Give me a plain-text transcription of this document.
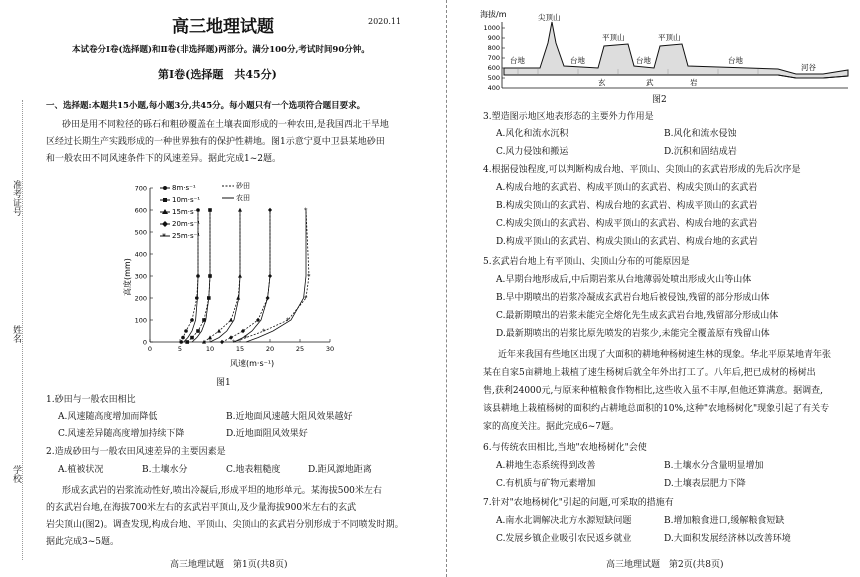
准考证号
姓名
学校
高三地理试题	2020.11
本试卷分Ⅰ卷(选择题)和Ⅱ卷(非选择题)两部分。满分100分,考试时间90分钟。
第Ⅰ卷(选择题　共45分)
一、选择题:本题共15小题,每小题3分,共45分。每小题只有一个选项符合题目要求。
砂田是用不同粒径的砾石和粗砂覆盖在土壤表面形成的一种农田,是我国西北干旱地
区经过长期生产实践形成的一种世界独有的保护性耕地。图1示意宁夏中卫县某地砂田
和一般农田不同风速条件下的风速差异。据此完成1~2题。
0
100
200
300
400
500
600
700
0	5	10	15	20	25	30
*
*
*
*
*
*
*
高度(mm)
风速(m·s⁻¹)
8m·s⁻¹
10m·s⁻¹
15m·s⁻¹
20m·s⁻¹
* 25m·s⁻¹
砂田
农田
图1
1.砂田与一般农田相比
A.风速随高度增加而降低	B.近地面风速越大阻风效果越好
C.风速差异随高度增加持续下降	D.近地面阻风效果好
2.造成砂田与一般农田风速差异的主要因素是
A.植被状况	B.土壤水分	C.地表粗糙度	D.距风源地距离
形成玄武岩的岩浆流动性好,喷出冷凝后,形成平坦的地形单元。某海拔500米左右
的玄武岩台地,在海拔700米左右的玄武岩平顶山,及少量海拔900米左右的玄武
岩尖顶山(图2)。调查发现,构成台地、平顶山、尖顶山的玄武岩分别形成于不同喷发时期。
据此完成3~5题。
高三地理试题　第1页(共8页)
海拔/m
1000
900
800
700
600
500
400
尖顶山
平顶山	平顶山
台地	台地	台地	台地
河谷
玄	武	岩
图2
3.塑造图示地区地表形态的主要外力作用是
A.风化和流水沉积	B.风化和流水侵蚀
C.风力侵蚀和搬运	D.沉积和固结成岩
4.根据侵蚀程度,可以判断构成台地、平顶山、尖顶山的玄武岩形成的先后次序是
A.构成台地的玄武岩、构成平顶山的玄武岩、构成尖顶山的玄武岩
B.构成尖顶山的玄武岩、构成台地的玄武岩、构成平顶山的玄武岩
C.构成尖顶山的玄武岩、构成平顶山的玄武岩、构成台地的玄武岩
D.构成平顶山的玄武岩、构成尖顶山的玄武岩、构成台地的玄武岩
5.玄武岩台地上有平顶山、尖顶山分布的可能原因是
A.早期台地形成后,中后期岩浆从台地薄弱处喷出形成火山等山体
B.早中期喷出的岩浆冷凝成玄武岩台地后被侵蚀,残留的部分形成山体
C.最新期喷出的岩浆未能完全熔化先生成玄武岩台地,残留部分形成山体
D.最新期喷出的岩浆比原先喷发的岩浆少,未能完全覆盖原有残留山体
近年来我国有些地区出现了大面积的耕地种杨树速生林的现象。华北平原某地青年张
某在自家5亩耕地上栽植了速生杨树后就全年外出打工了。八年后,把已成材的杨树出
售,获利24000元,与原来种植粮食作物相比,这些收入虽不丰厚,但他还算满意。据调查,
该县耕地上栽植杨树的面积约占耕地总面积的10%,这种"农地杨树化"现象引起了有关专
家的高度关注。据此完成6~7题。
6.与传统农田相比,当地"农地杨树化"会使
A.耕地生态系统得到改善	B.土壤水分含量明显增加
C.有机质与矿物元素增加	D.土壤表层肥力下降
7.针对"农地杨树化"引起的问题,可采取的措施有
A.南水北调解决北方水源短缺问题	B.增加粮食进口,缓解粮食短缺
C.发展乡镇企业吸引农民返乡就业	D.大面积发展经济林以改善环境
高三地理试题　第2页(共8页)
